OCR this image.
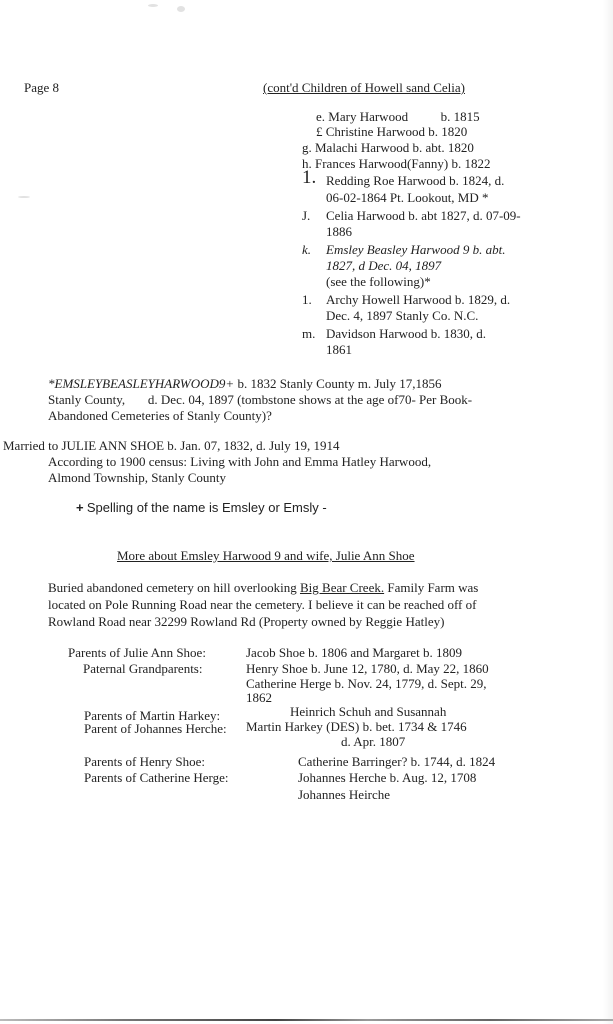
Page 8	(cont'd Children of Howell sand Celia)
e. Mary Harwood          b. 1815
£ Christine Harwood b. 1820
g. Malachi Harwood b. abt. 1820
h. Frances Harwood(Fanny) b. 1822
1. Redding Roe Harwood b. 1824, d.
06-02-1864 Pt. Lookout, MD *
J. Celia Harwood b. abt 1827, d. 07-09-
1886
k. Emsley Beasley Harwood 9 b. abt.
1827, d Dec. 04, 1897
(see the following)*
1. Archy Howell Harwood b. 1829, d.
Dec. 4, 1897 Stanly Co. N.C.
m. Davidson Harwood b. 1830, d.
1861
*EMSLEYBEASLEYHARWOOD9+ b. 1832 Stanly County m. July 17,1856
Stanly County,       d. Dec. 04, 1897 (tombstone shows at the age of70- Per Book-
Abandoned Cemeteries of Stanly County)?
Married to JULIE ANN SHOE b. Jan. 07, 1832, d. July 19, 1914
According to 1900 census: Living with John and Emma Hatley Harwood,
Almond Township, Stanly County
+ Spelling of the name is Emsley or Emsly -
More about Emsley Harwood 9 and wife, Julie Ann Shoe
Buried abandoned cemetery on hill overlooking Big Bear Creek. Family Farm was
located on Pole Running Road near the cemetery. I believe it can be reached off of
Rowland Road near 32299 Rowland Rd (Property owned by Reggie Hatley)
Parents of Julie Ann Shoe:	Jacob Shoe b. 1806 and Margaret b. 1809
Paternal Grandparents:	Henry Shoe b. June 12, 1780, d. May 22, 1860
Catherine Herge b. Nov. 24, 1779, d. Sept. 29,
1862
Parents of Martin Harkey:	Heinrich Schuh and Susannah
Parent of Johannes Herche: Martin Harkey (DES) b. bet. 1734 & 1746
d. Apr. 1807
Parents of Henry Shoe:	Catherine Barringer? b. 1744, d. 1824
Parents of Catherine Herge:	Johannes Herche b. Aug. 12, 1708
Johannes Heirche
